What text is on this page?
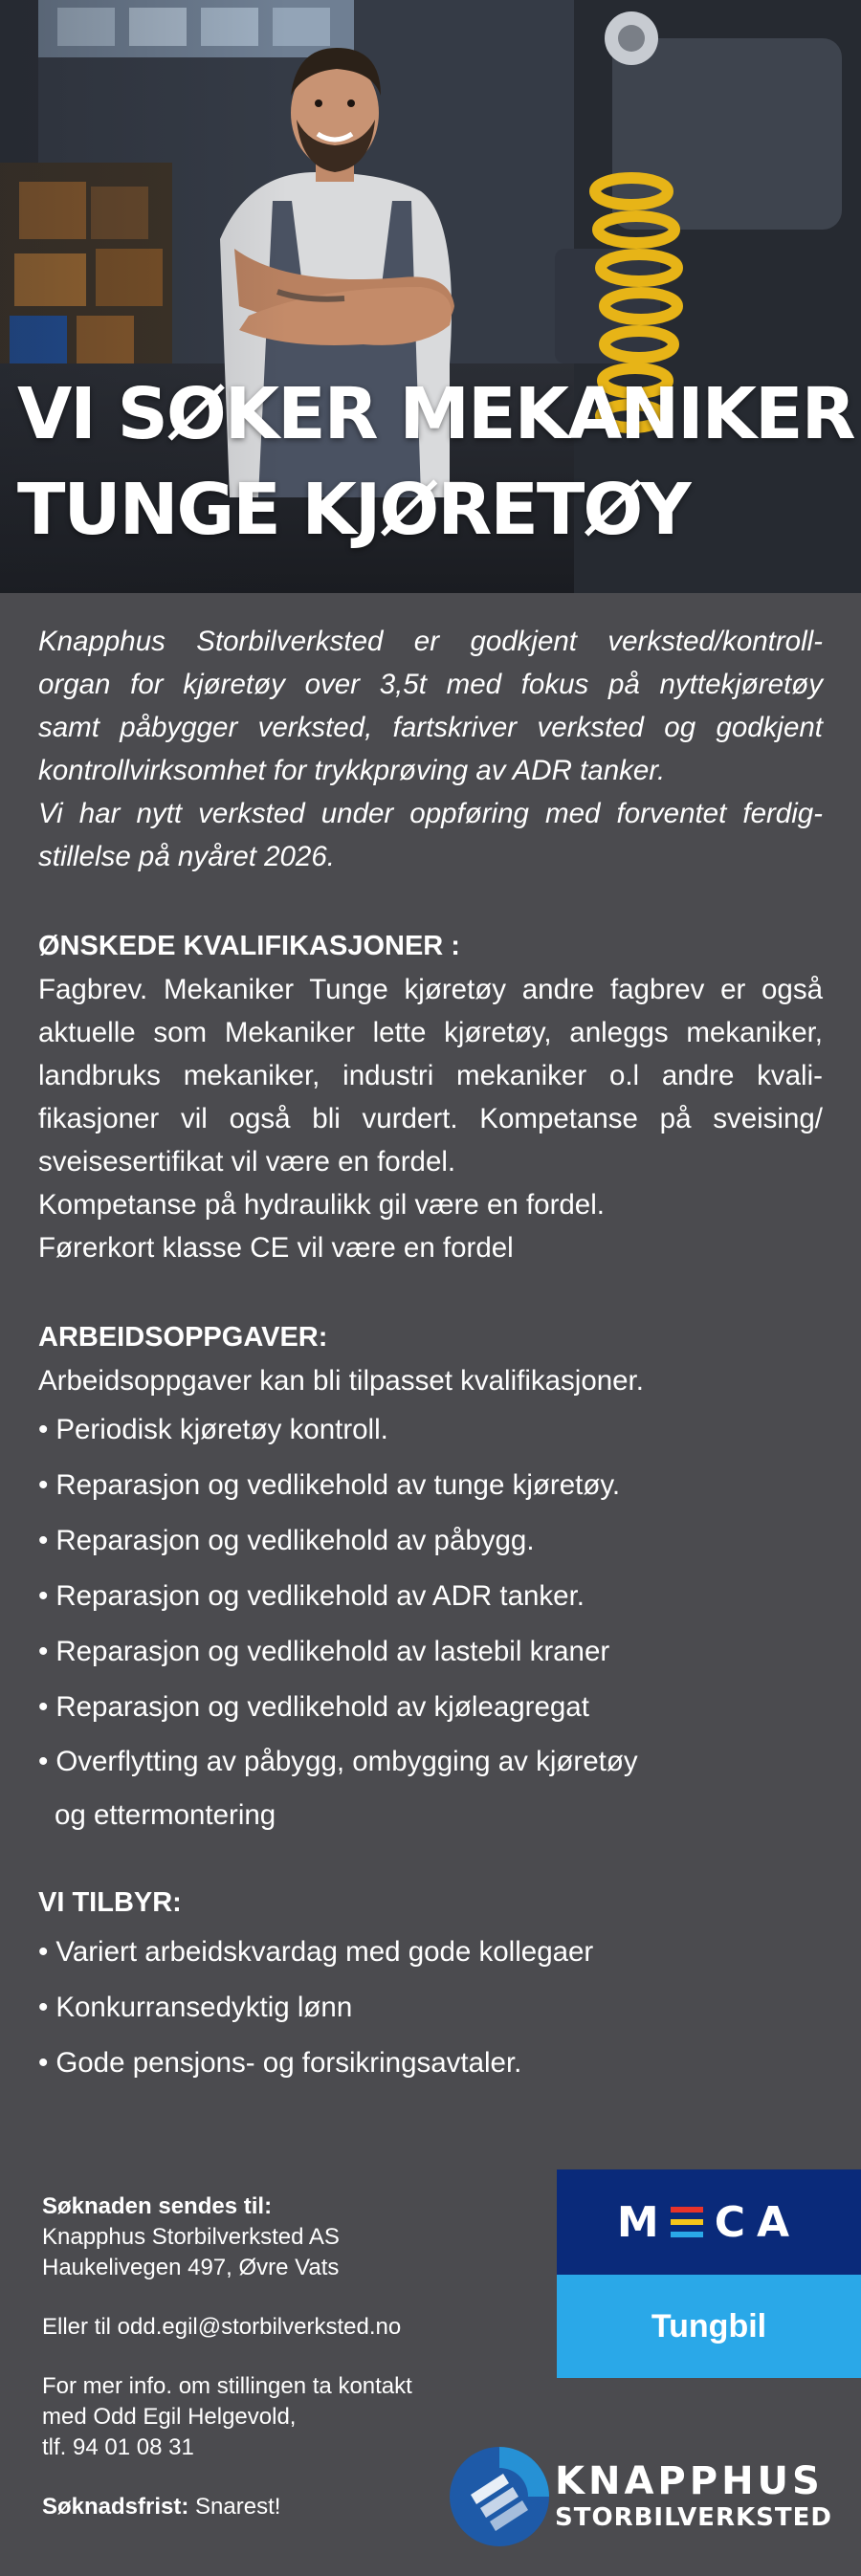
VI SØKER MEKANIKER
TUNGE KJØRETØY
Knapphus Storbilverksted er godkjent verksted/kontroll-
organ for kjøretøy over 3,5t med fokus på nyttekjøretøy
samt påbygger verksted, fartskriver verksted og godkjent
kontrollvirksomhet for trykkprøving av ADR tanker.
Vi har nytt verksted under oppføring med forventet ferdig-
stillelse på nyåret 2026.
ØNSKEDE KVALIFIKASJONER :
Fagbrev. Mekaniker Tunge kjøretøy andre fagbrev er også
aktuelle som Mekaniker lette kjøretøy, anleggs mekaniker,
landbruks mekaniker, industri mekaniker o.l andre kvali-
fikasjoner vil også bli vurdert. Kompetanse på sveising/
sveisesertifikat vil være en fordel.
Kompetanse på hydraulikk gil være en fordel.
Førerkort klasse CE vil være en fordel
ARBEIDSOPPGAVER:
Arbeidsoppgaver kan bli tilpasset kvalifikasjoner.
• Periodisk kjøretøy kontroll.
• Reparasjon og vedlikehold av tunge kjøretøy.
• Reparasjon og vedlikehold av påbygg.
• Reparasjon og vedlikehold av ADR tanker.
• Reparasjon og vedlikehold av lastebil kraner
• Reparasjon og vedlikehold av kjøleagregat
• Overflytting av påbygg, ombygging av kjøretøy
og ettermontering
VI TILBYR:
• Variert arbeidskvardag med gode kollegaer
• Konkurransedyktig lønn
• Gode pensjons- og forsikringsavtaler.
Søknaden sendes til:
Knapphus Storbilverksted AS
Haukelivegen 497, Øvre Vats
Eller til odd.egil@storbilverksted.no
For mer info. om stillingen ta kontakt
med Odd Egil Helgevold,
tlf. 94 01 08 31
Søknadsfrist: Snarest!
M CA
Tungbil
KNAPPHUS
STORBILVERKSTED
